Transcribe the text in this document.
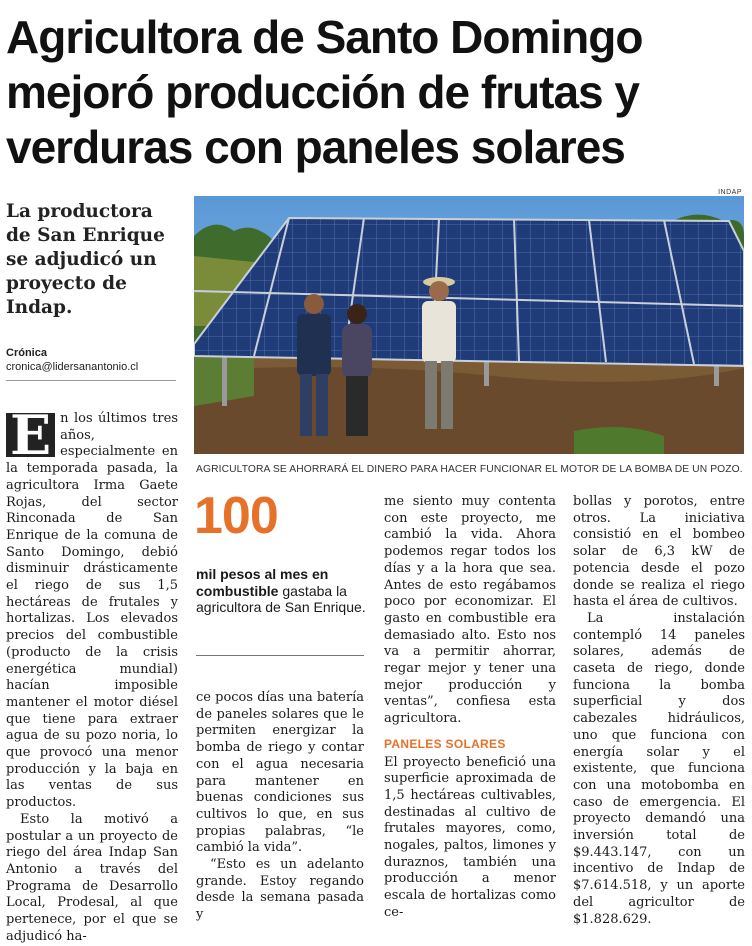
Agricultora de Santo Domingo mejoró producción de frutas y verduras con paneles solares

La productora de San Enrique se adjudicó un proyecto de Indap.

Crónica
cronica@lidersanantonio.cl
INDAP
AGRICULTORA SE AHORRARÁ EL DINERO PARA HACER FUNCIONAR EL MOTOR DE LA BOMBA DE UN POZO.

E n los últimos tres años, especialmente en la temporada pasada, la agricultora Irma Gaete Rojas, del sector Rinconada de San Enrique de la comuna de Santo Domingo, debió disminuir drásticamente el riego de sus 1,5 hectáreas de frutales y hortalizas. Los elevados precios del combustible (producto de la crisis energética mundial) hacían imposible mantener el motor diésel que tiene para extraer agua de su pozo noria, lo que provocó una menor producción y la baja en las ventas de sus productos.

Esto la motivó a postular a un proyecto de riego del área Indap San Antonio a través del Programa de Desarrollo Local, Prodesal, al que pertenece, por el que se adjudicó ha-

100
mil pesos al mes en combustible gastaba la agricultora de San Enrique.

ce pocos días una batería de paneles solares que le permiten energizar la bomba de riego y contar con el agua necesaria para mantener en buenas condiciones sus cultivos lo que, en sus propias palabras, “le cambió la vida”.

“Esto es un adelanto grande. Estoy regando desde la semana pasada y

me siento muy contenta con este proyecto, me cambió la vida. Ahora podemos regar todos los días y a la hora que sea. Antes de esto regábamos poco por economizar. El gasto en combustible era demasiado alto. Esto nos va a permitir ahorrar, regar mejor y tener una mejor producción y ventas”, confiesa esta agricultora.

PANELES SOLARES

El proyecto benefició una superficie aproximada de 1,5 hectáreas cultivables, destinadas al cultivo de frutales mayores, como, nogales, paltos, limones y duraznos, también una producción a menor escala de hortalizas como ce-

bollas y porotos, entre otros. La iniciativa consistió en el bombeo solar de 6,3 kW de potencia desde el pozo donde se realiza el riego hasta el área de cultivos.

La instalación contempló 14 paneles solares, además de caseta de riego, donde funciona la bomba superficial y dos cabezales hidráulicos, uno que funciona con energía solar y el existente, que funciona con una motobomba en caso de emergencia. El proyecto demandó una inversión total de $9.443.147, con un incentivo de Indap de $7.614.518, y un aporte del agricultor de $1.828.629.
